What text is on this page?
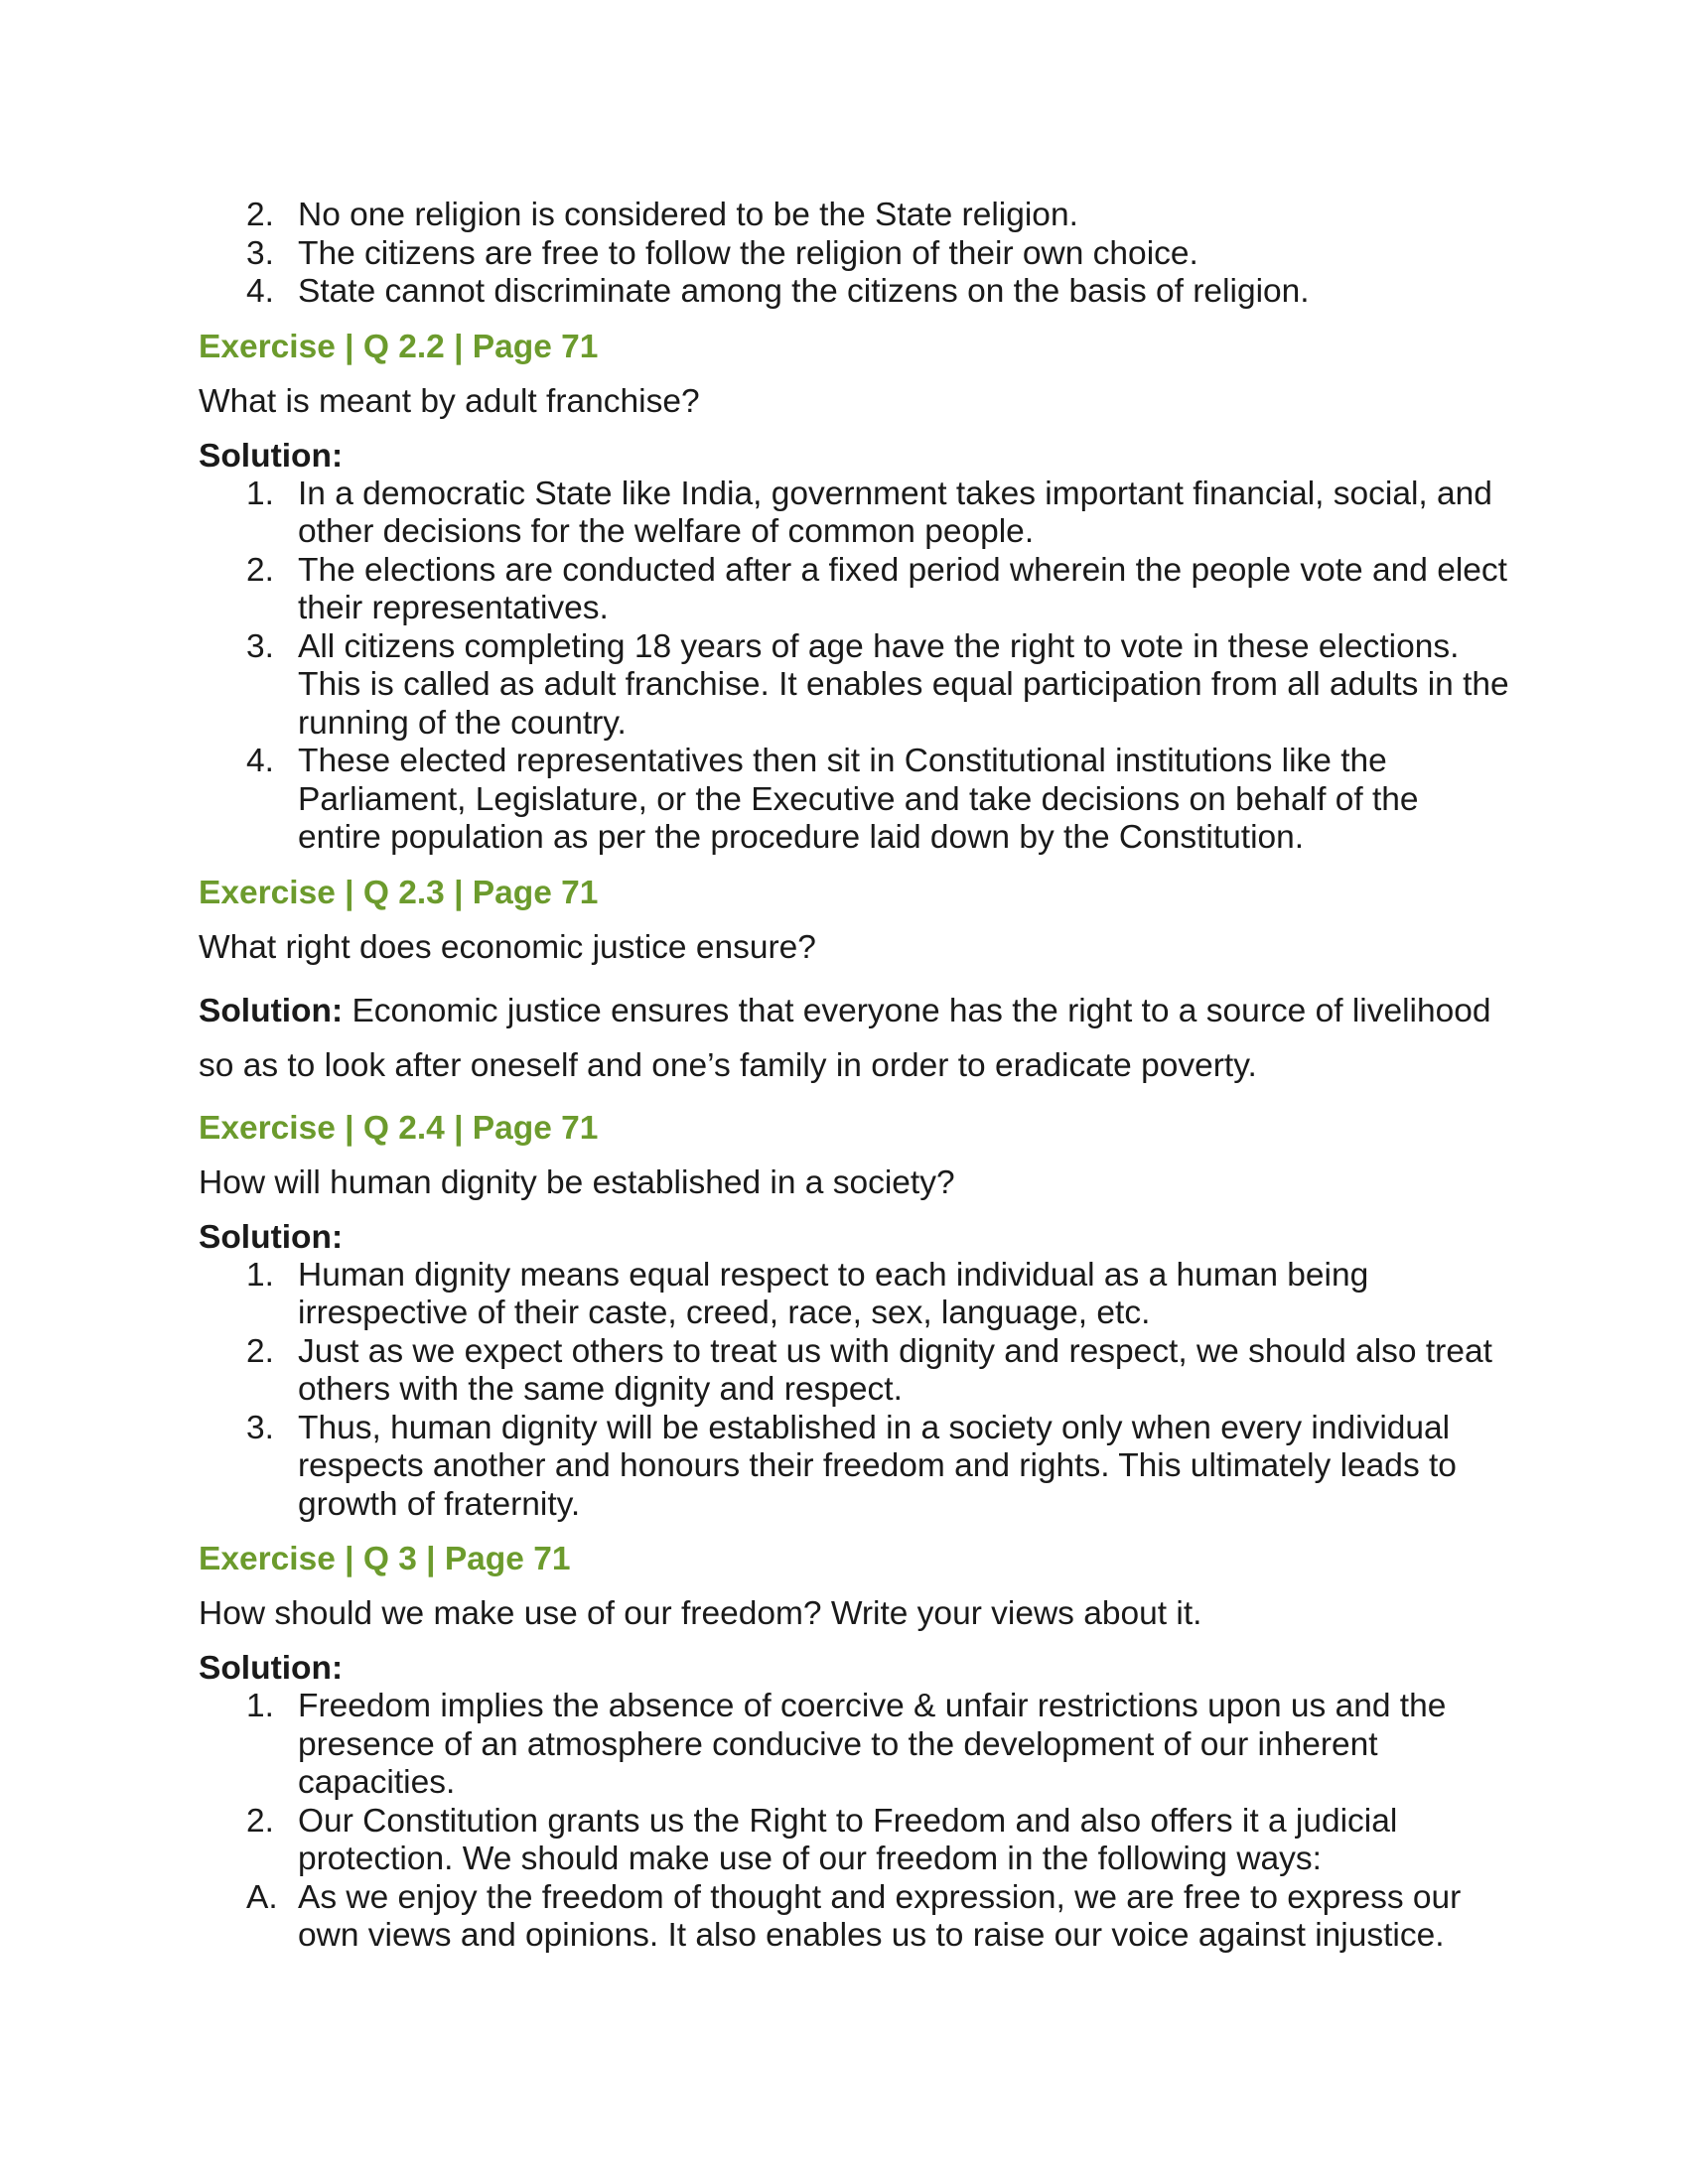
2. No one religion is considered to be the State religion.
3. The citizens are free to follow the religion of their own choice.
4. State cannot discriminate among the citizens on the basis of religion.
Exercise | Q 2.2 | Page 71
What is meant by adult franchise?
Solution:
1. In a democratic State like India, government takes important financial, social, and other decisions for the welfare of common people.
2. The elections are conducted after a fixed period wherein the people vote and elect their representatives.
3. All citizens completing 18 years of age have the right to vote in these elections. This is called as adult franchise. It enables equal participation from all adults in the running of the country.
4. These elected representatives then sit in Constitutional institutions like the Parliament, Legislature, or the Executive and take decisions on behalf of the entire population as per the procedure laid down by the Constitution.
Exercise | Q 2.3 | Page 71
What right does economic justice ensure?
Solution: Economic justice ensures that everyone has the right to a source of livelihood so as to look after oneself and one’s family in order to eradicate poverty.
Exercise | Q 2.4 | Page 71
How will human dignity be established in a society?
Solution:
1. Human dignity means equal respect to each individual as a human being irrespective of their caste, creed, race, sex, language, etc.
2. Just as we expect others to treat us with dignity and respect, we should also treat others with the same dignity and respect.
3. Thus, human dignity will be established in a society only when every individual respects another and honours their freedom and rights. This ultimately leads to growth of fraternity.
Exercise | Q 3 | Page 71
How should we make use of our freedom? Write your views about it.
Solution:
1. Freedom implies the absence of coercive & unfair restrictions upon us and the presence of an atmosphere conducive to the development of our inherent capacities.
2. Our Constitution grants us the Right to Freedom and also offers it a judicial protection. We should make use of our freedom in the following ways:
A. As we enjoy the freedom of thought and expression, we are free to express our own views and opinions. It also enables us to raise our voice against injustice.
